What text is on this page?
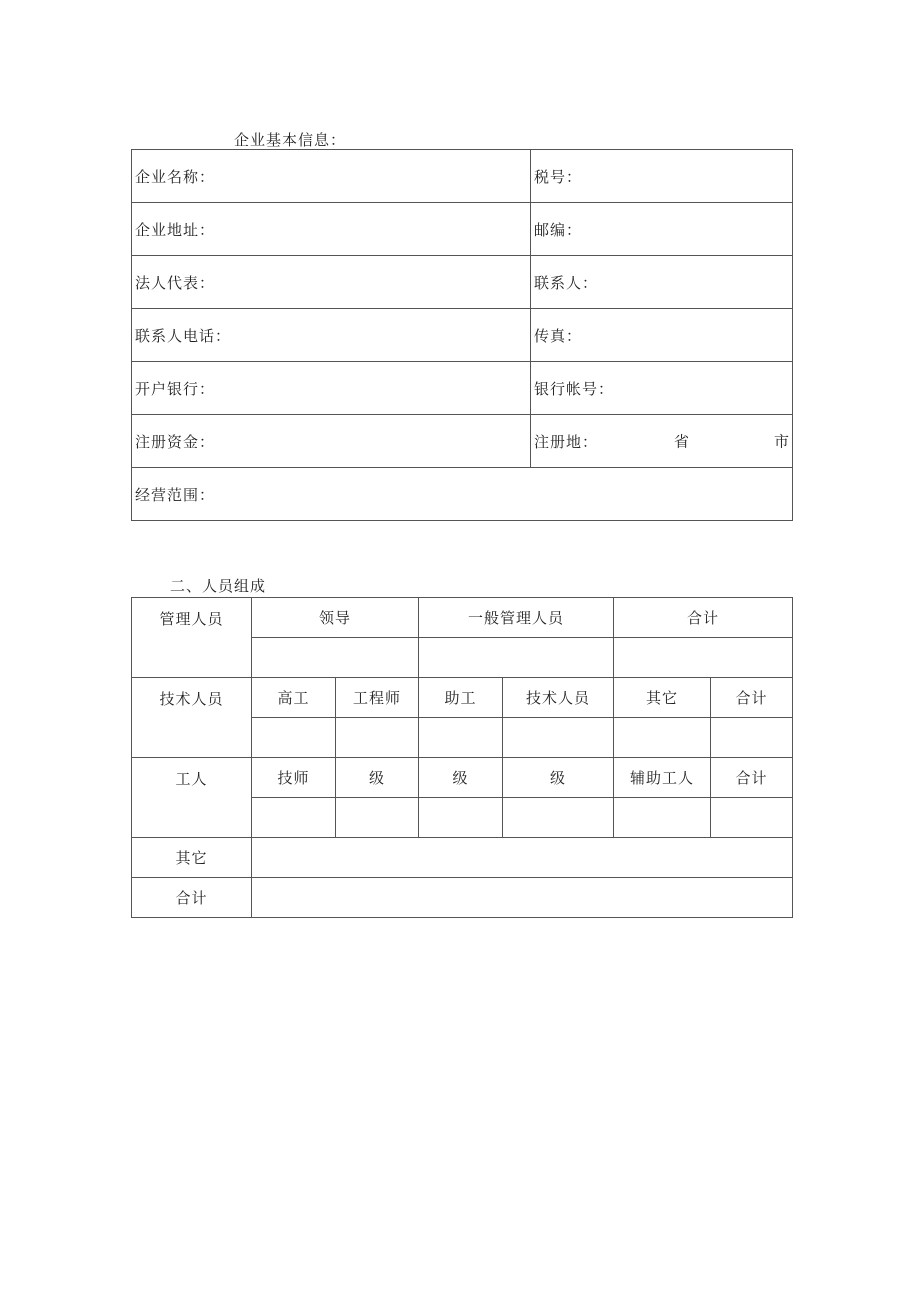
企业基本信息：
企业名称：	税号：
企业地址：	邮编：
法人代表：	联系人：
联系人电话：	传真：
开户银行：	银行帐号：
注册资金：	注册地： 省 市

经营范围：	
二、人员组成
管理人员	领导		一般管理人员		合计	

技术人员	高工	工程师	助工	技术人员	其它	合计

工人	技师	级	级	级	辅助工人	合计

其它						
合计						
